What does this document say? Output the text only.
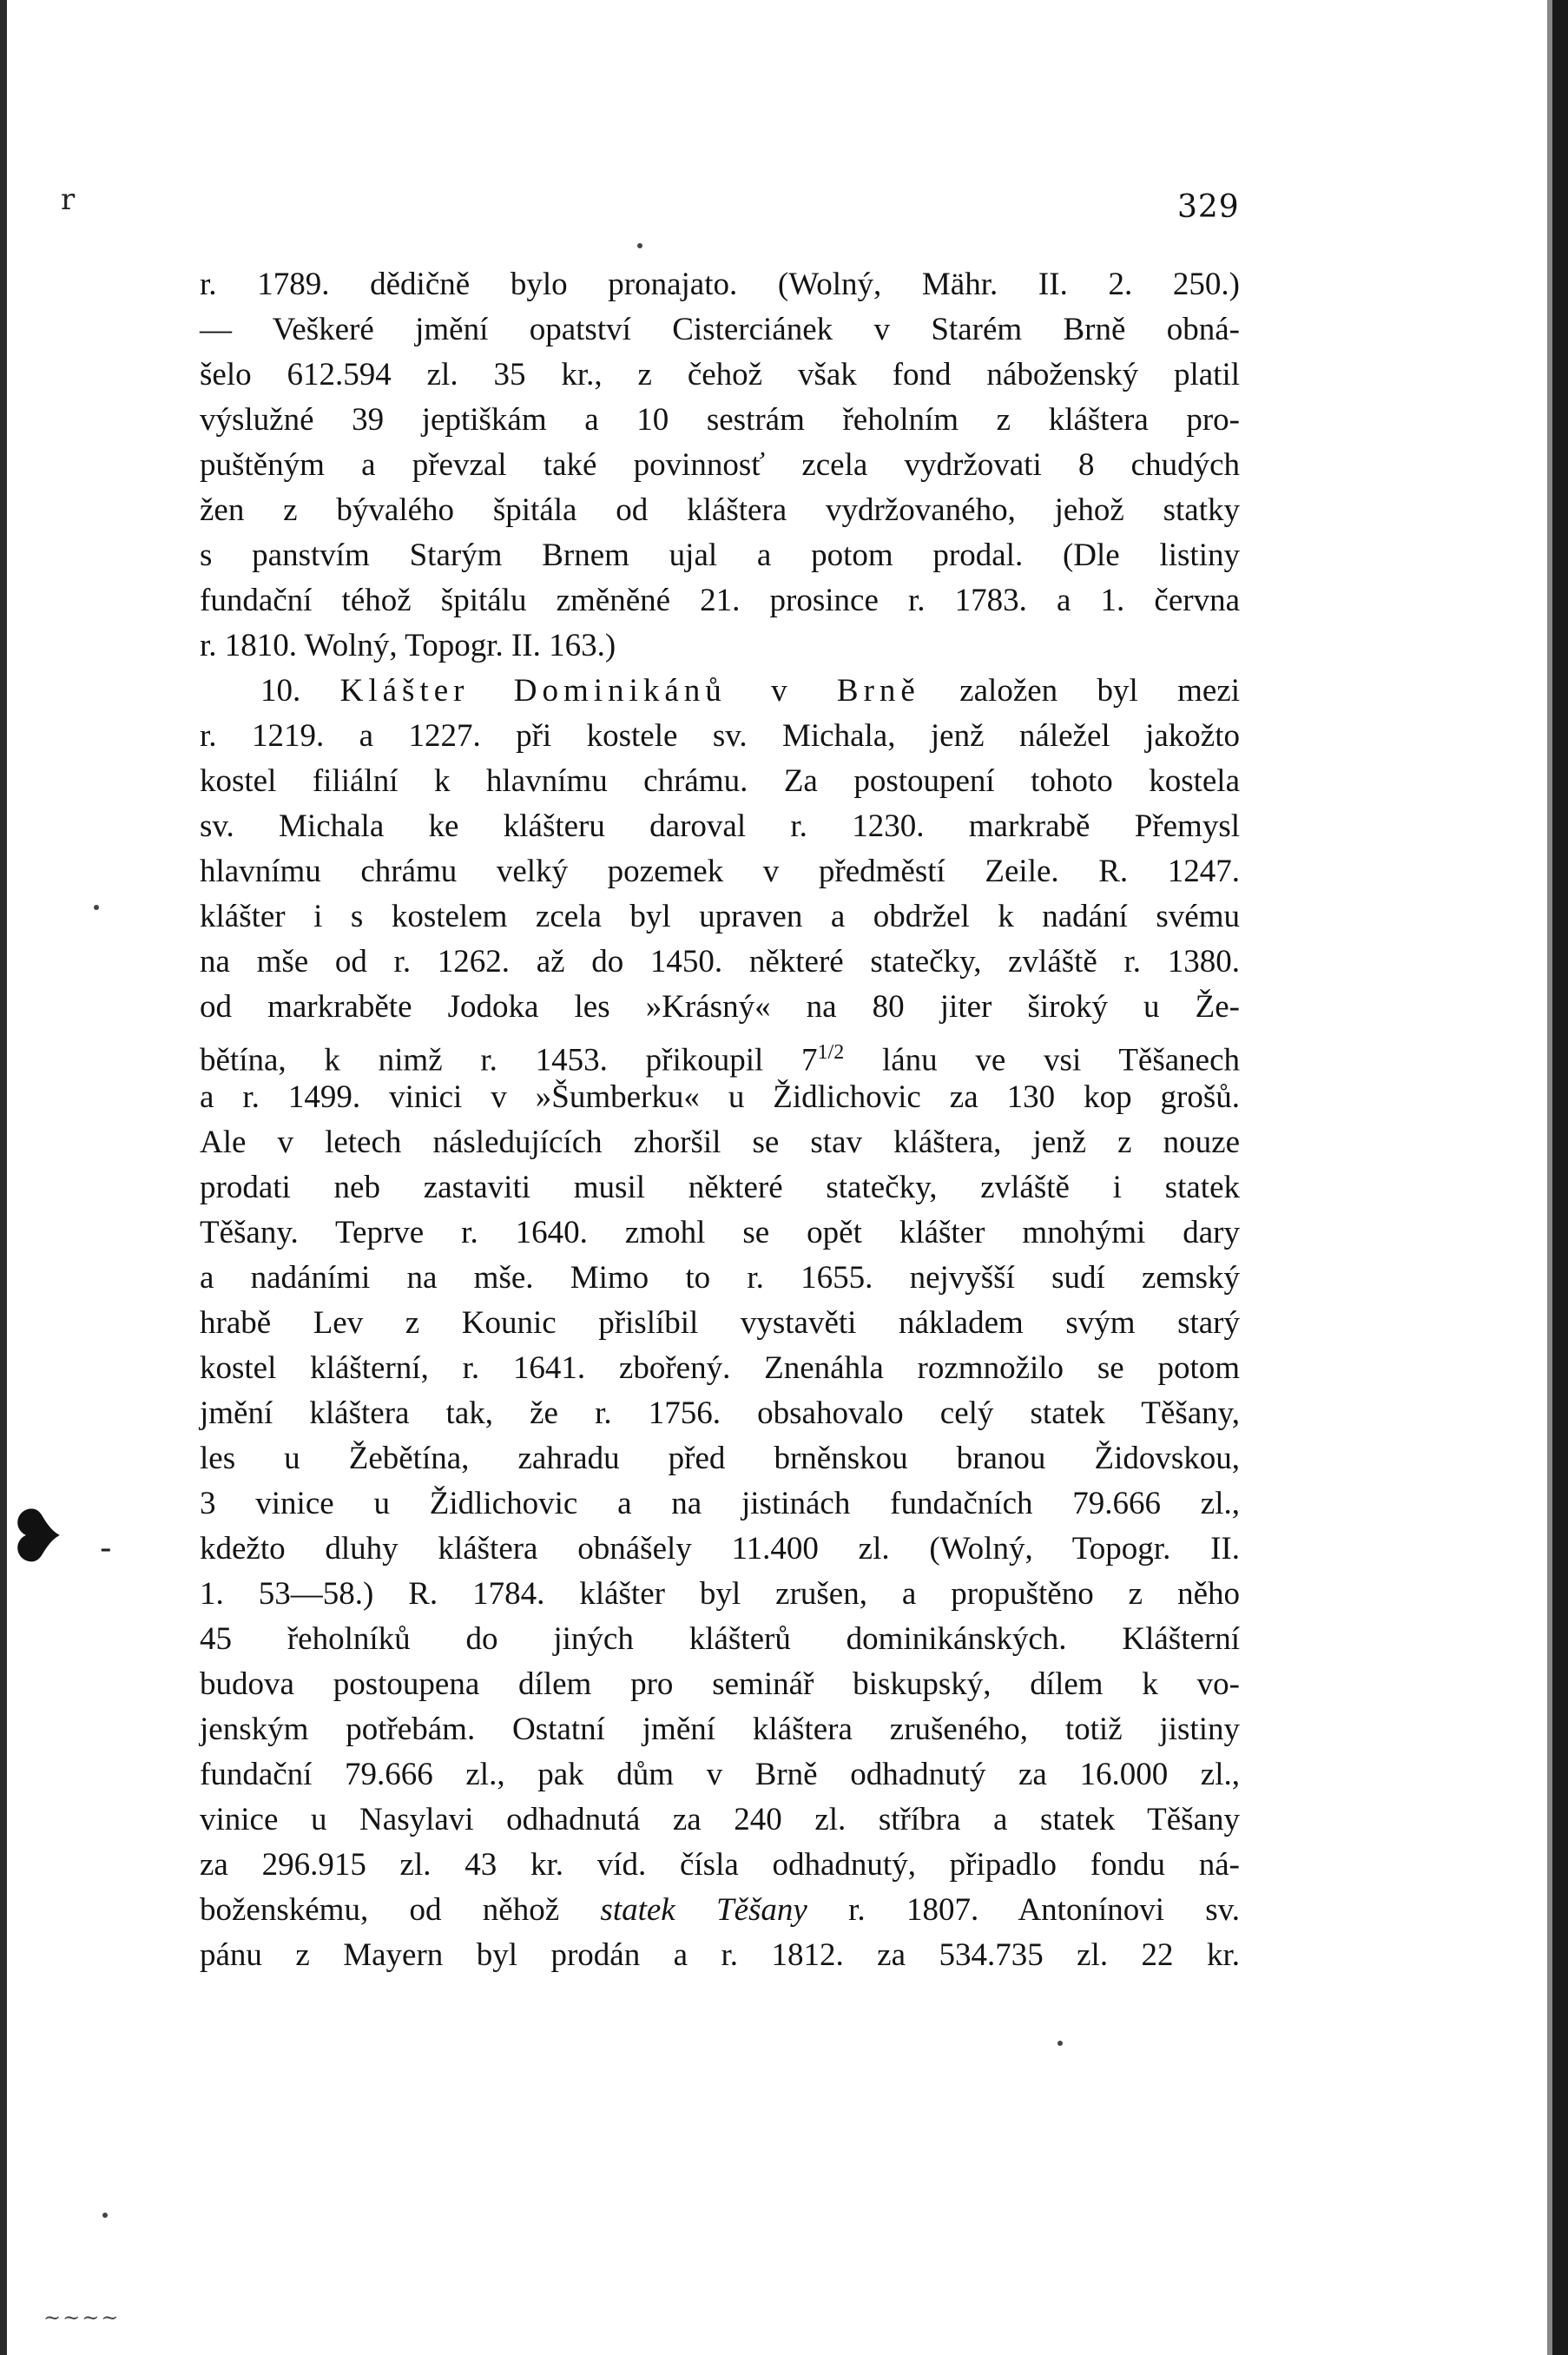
r	329
❥ -
r. 1789. dědičně bylo pronajato. (Wolný, Mähr. II. 2. 250.)
— Veškeré jmění opatství Cisterciánek v Starém Brně obná-
šelo 612.594 zl. 35 kr., z čehož však fond náboženský platil
výslužné 39 jeptiškám a 10 sestrám řeholním z kláštera pro-
puštěným a převzal také povinnosť zcela vydržovati 8 chudých
žen z bývalého špitála od kláštera vydržovaného, jehož statky
s panstvím Starým Brnem ujal a potom prodal. (Dle listiny
fundační téhož špitálu změněné 21. prosince r. 1783. a 1. června
r. 1810. Wolný, Topogr. II. 163.)
10. Klášter Dominikánů v Brně založen byl mezi
r. 1219. a 1227. při kostele sv. Michala, jenž náležel jakožto
kostel filiální k hlavnímu chrámu. Za postoupení tohoto kostela
sv. Michala ke klášteru daroval r. 1230. markrabě Přemysl
hlavnímu chrámu velký pozemek v předměstí Zeile. R. 1247.
klášter i s kostelem zcela byl upraven a obdržel k nadání svému
na mše od r. 1262. až do 1450. některé statečky, zvláště r. 1380.
od markraběte Jodoka les »Krásný« na 80 jiter široký u Že-
bětína, k nimž r. 1453. přikoupil $7^{1/2}$ lánu ve vsi Těšanech
a r. 1499. vinici v »Šumberku« u Židlichovic za 130 kop grošů.
Ale v letech následujících zhoršil se stav kláštera, jenž z nouze
prodati neb zastaviti musil některé statečky, zvláště i statek
Těšany. Teprve r. 1640. zmohl se opět klášter mnohými dary
a nadáními na mše. Mimo to r. 1655. nejvyšší sudí zemský
hrabě Lev z Kounic přislíbil vystavěti nákladem svým starý
kostel klášterní, r. 1641. zbořený. Znenáhla rozmnožilo se potom
jmění kláštera tak, že r. 1756. obsahovalo celý statek Těšany,
les u Žebětína, zahradu před brněnskou branou Židovskou,
3 vinice u Židlichovic a na jistinách fundačních 79.666 zl.,
kdežto dluhy kláštera obnášely 11.400 zl. (Wolný, Topogr. II.
1. 53—58.) R. 1784. klášter byl zrušen, a propuštěno z něho
45 řeholníků do jiných klášterů dominikánských. Klášterní
budova postoupena dílem pro seminář biskupský, dílem k vo-
jenským potřebám. Ostatní jmění kláštera zrušeného, totiž jistiny
fundační 79.666 zl., pak dům v Brně odhadnutý za 16.000 zl.,
vinice u Nasylavi odhadnutá za 240 zl. stříbra a statek Těšany
za 296.915 zl. 43 kr. víd. čísla odhadnutý, připadlo fondu ná-
boženskému, od něhož statek Těšany r. 1807. Antonínovi sv.
pánu z Mayern byl prodán a r. 1812. za 534.735 zl. 22 kr.
~~~~
